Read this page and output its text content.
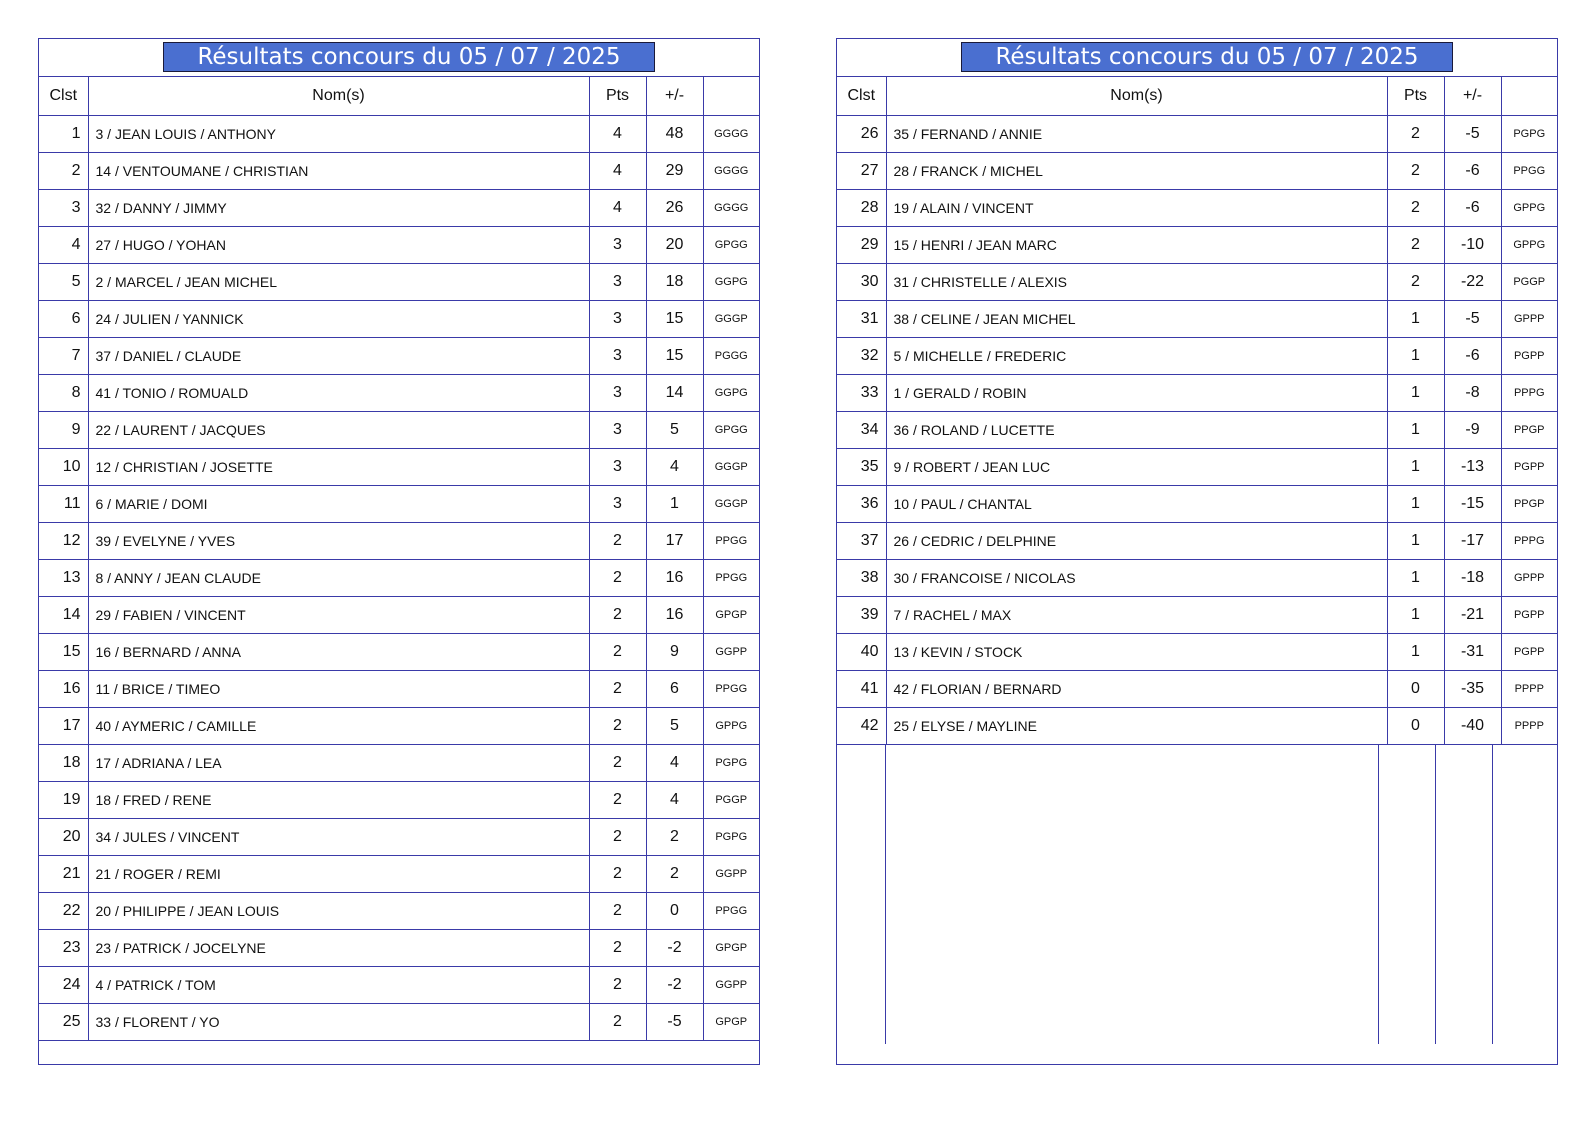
Résultats concours du 05 / 07 / 2025
Clst	Nom(s)	Pts	+/-	
1	3 / JEAN LOUIS / ANTHONY	4	48	GGGG
2	14 / VENTOUMANE / CHRISTIAN	4	29	GGGG
3	32 / DANNY / JIMMY	4	26	GGGG
4	27 / HUGO / YOHAN	3	20	GPGG
5	2 / MARCEL / JEAN MICHEL	3	18	GGPG
6	24 / JULIEN / YANNICK	3	15	GGGP
7	37 / DANIEL / CLAUDE	3	15	PGGG
8	41 / TONIO / ROMUALD	3	14	GGPG
9	22 / LAURENT / JACQUES	3	5	GPGG
10	12 / CHRISTIAN / JOSETTE	3	4	GGGP
11	6 / MARIE / DOMI	3	1	GGGP
12	39 / EVELYNE / YVES	2	17	PPGG
13	8 / ANNY / JEAN CLAUDE	2	16	PPGG
14	29 / FABIEN / VINCENT	2	16	GPGP
15	16 / BERNARD / ANNA	2	9	GGPP
16	11 / BRICE / TIMEO	2	6	PPGG
17	40 / AYMERIC / CAMILLE	2	5	GPPG
18	17 / ADRIANA / LEA	2	4	PGPG
19	18 / FRED / RENE	2	4	PGGP
20	34 / JULES / VINCENT	2	2	PGPG
21	21 / ROGER / REMI	2	2	GGPP
22	20 / PHILIPPE / JEAN LOUIS	2	0	PPGG
23	23 / PATRICK / JOCELYNE	2	-2	GPGP
24	4 / PATRICK / TOM	2	-2	GGPP
25	33 / FLORENT / YO	2	-5	GPGP
Résultats concours du 05 / 07 / 2025
Clst	Nom(s)	Pts	+/-	
26	35 / FERNAND / ANNIE	2	-5	PGPG
27	28 / FRANCK / MICHEL	2	-6	PPGG
28	19 / ALAIN / VINCENT	2	-6	GPPG
29	15 / HENRI / JEAN MARC	2	-10	GPPG
30	31 / CHRISTELLE / ALEXIS	2	-22	PGGP
31	38 / CELINE / JEAN MICHEL	1	-5	GPPP
32	5 / MICHELLE / FREDERIC	1	-6	PGPP
33	1 / GERALD / ROBIN	1	-8	PPPG
34	36 / ROLAND / LUCETTE	1	-9	PPGP
35	9 / ROBERT / JEAN LUC	1	-13	PGPP
36	10 / PAUL / CHANTAL	1	-15	PPGP
37	26 / CEDRIC / DELPHINE	1	-17	PPPG
38	30 / FRANCOISE / NICOLAS	1	-18	GPPP
39	7 / RACHEL / MAX	1	-21	PGPP
40	13 / KEVIN / STOCK	1	-31	PGPP
41	42 / FLORIAN / BERNARD	0	-35	PPPP
42	25 / ELYSE / MAYLINE	0	-40	PPPP
